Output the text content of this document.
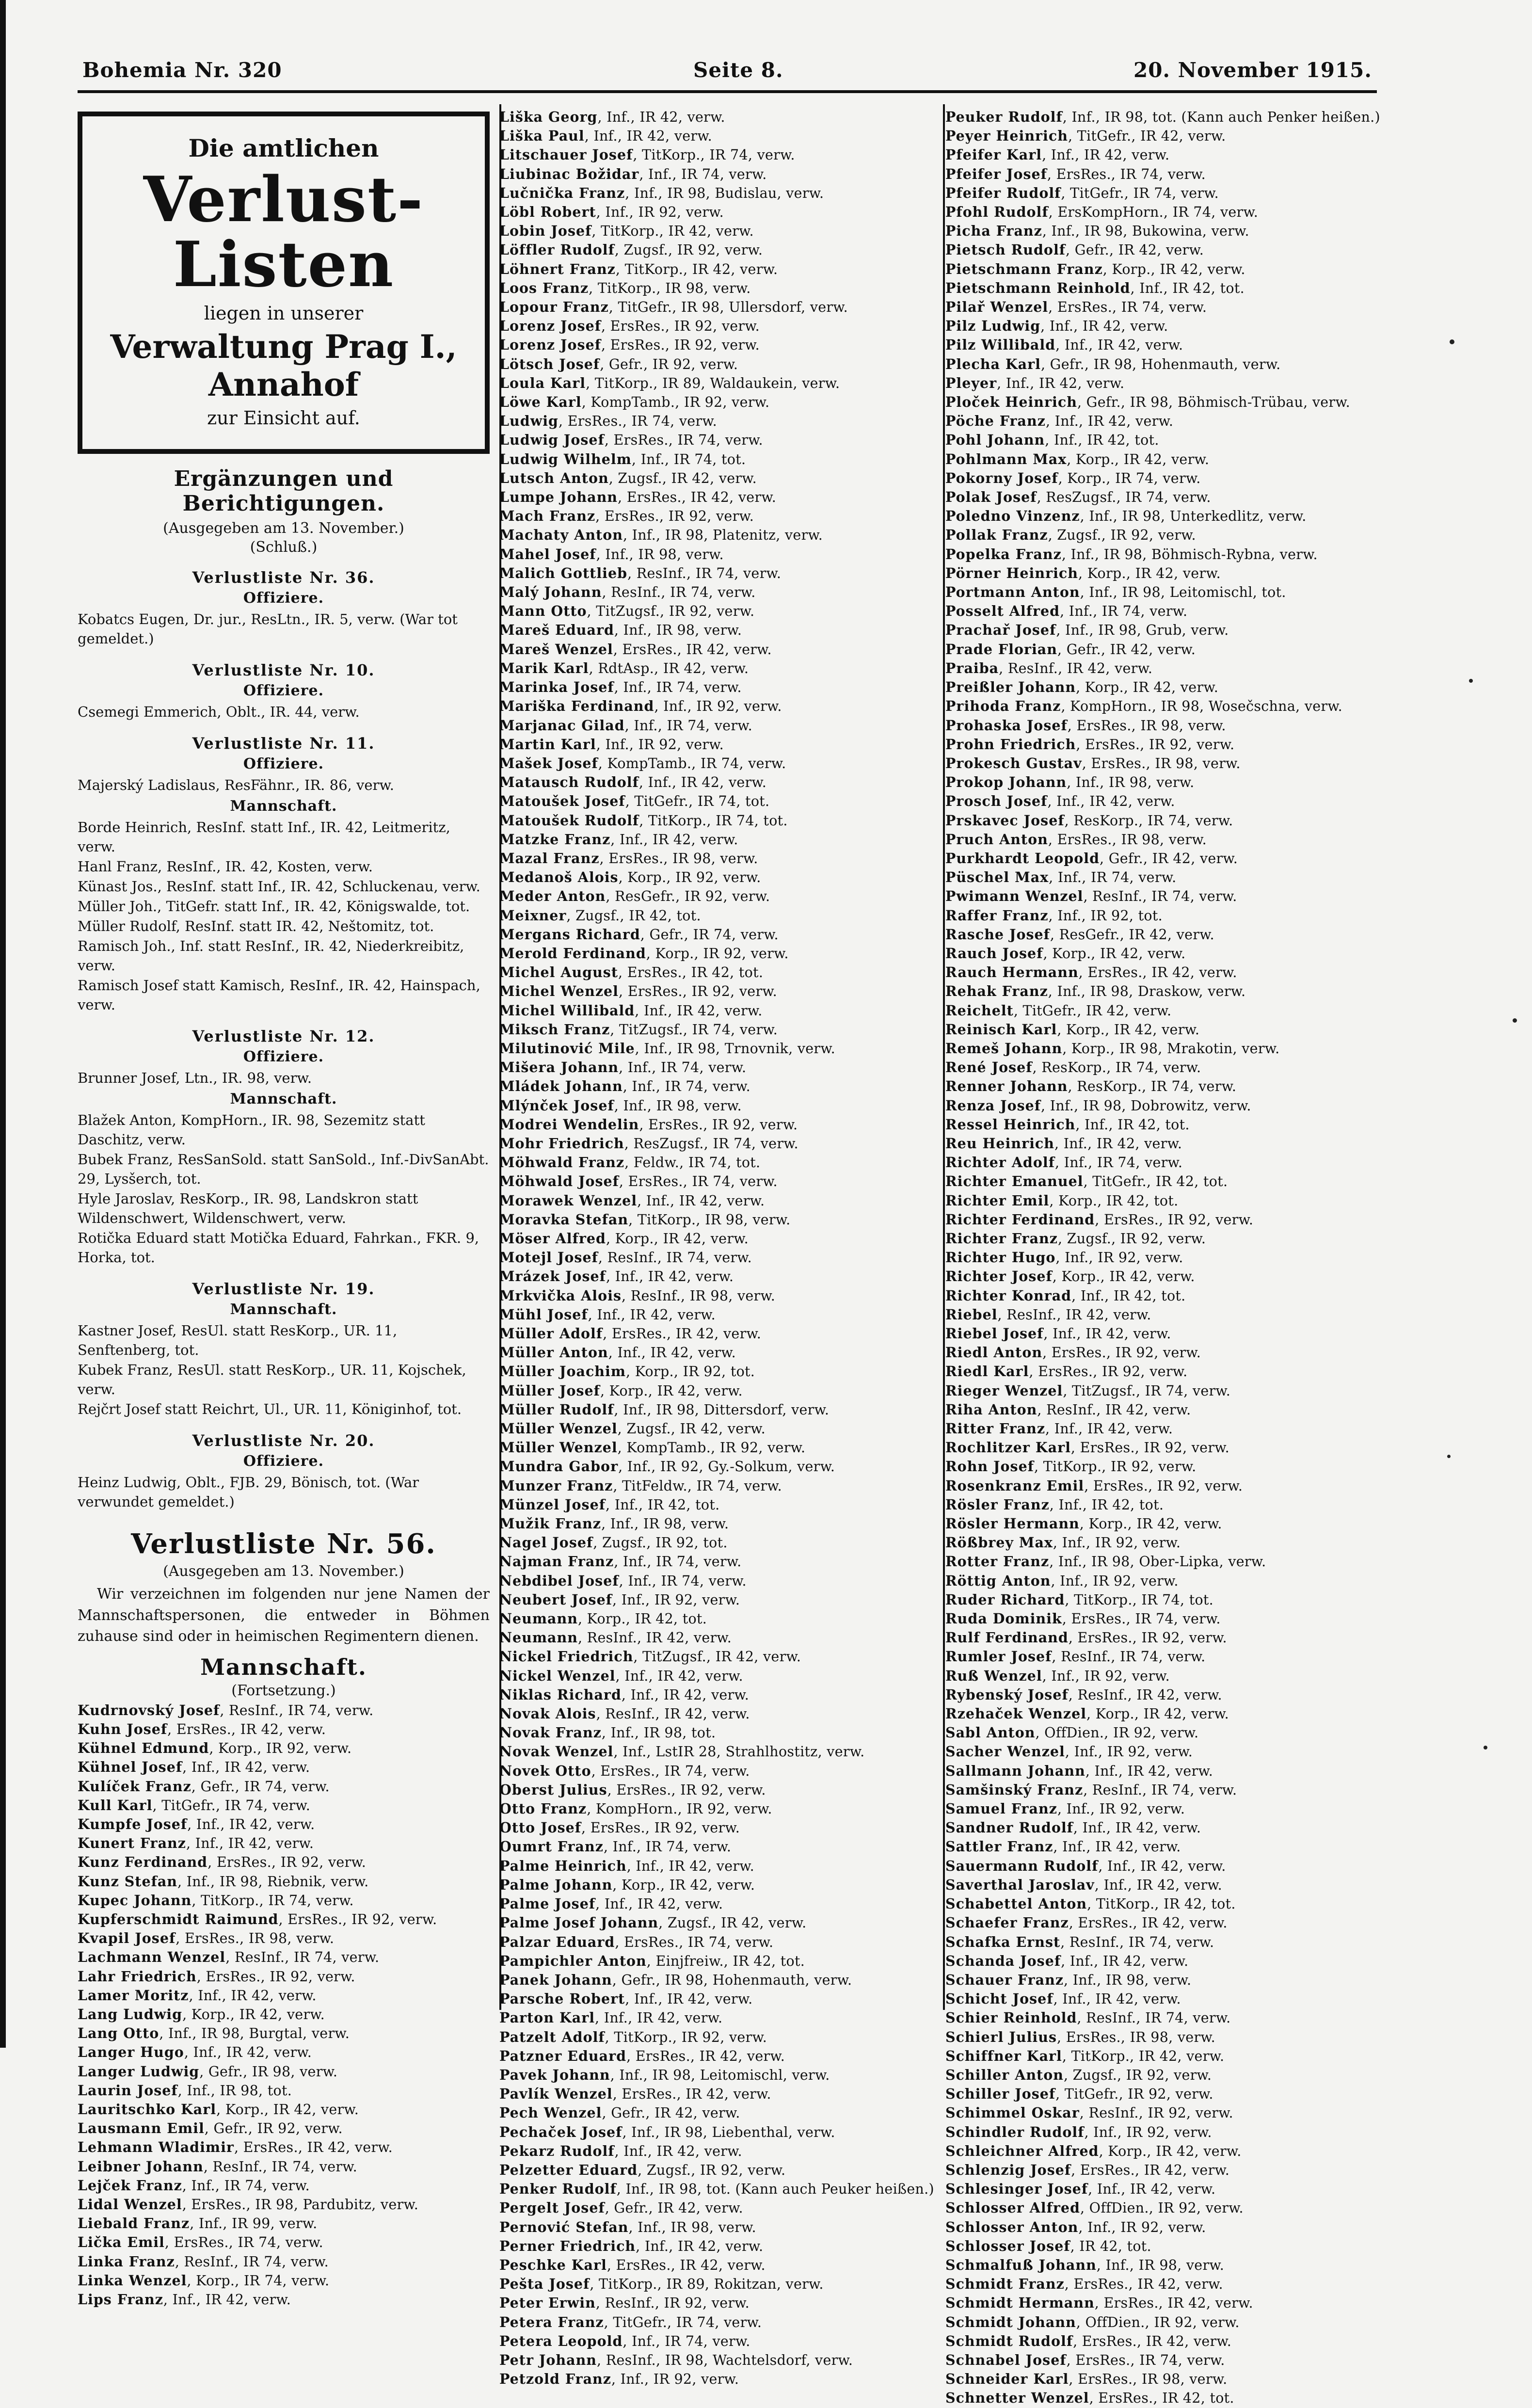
Bohemia Nr. 320	Seite 8.	20. November 1915.
Die amtlichen
Verlust-Listen
liegen in unserer
Verwaltung Prag I., Annahof
zur Einsicht auf.
Ergänzungen und Berichtigungen.
(Ausgegeben am 13. November.)
(Schluß.)
Verlustliste Nr. 36.
Offiziere.
Kobatcs Eugen, Dr. jur., ResLtn., IR. 5, verw. (War tot gemeldet.)
Verlustliste Nr. 10.
Offiziere.
Csemegi Emmerich, Oblt., IR. 44, verw.
Verlustliste Nr. 11.
Offiziere.
Majerský Ladislaus, ResFähnr., IR. 86, verw.
Mannschaft.
Borde Heinrich, ResInf. statt Inf., IR. 42, Leitmeritz, verw.
Hanl Franz, ResInf., IR. 42, Kosten, verw.
Künast Jos., ResInf. statt Inf., IR. 42, Schluckenau, verw.
Müller Joh., TitGefr. statt Inf., IR. 42, Königswalde, tot.
Müller Rudolf, ResInf. statt IR. 42, Neštomitz, tot.
Ramisch Joh., Inf. statt ResInf., IR. 42, Niederkreibitz, verw.
Ramisch Josef statt Kamisch, ResInf., IR. 42, Hainspach, verw.
Verlustliste Nr. 12.
Offiziere.
Brunner Josef, Ltn., IR. 98, verw.
Mannschaft.
Blažek Anton, KompHorn., IR. 98, Sezemitz statt Daschitz, verw.
Bubek Franz, ResSanSold. statt SanSold., Inf.-DivSanAbt. 29, Lysšerch, tot.
Hyle Jaroslav, ResKorp., IR. 98, Landskron statt Wildenschwert, Wildenschwert, verw.
Rotička Eduard statt Motička Eduard, Fahrkan., FKR. 9, Horka, tot.
Verlustliste Nr. 19.
Mannschaft.
Kastner Josef, ResUl. statt ResKorp., UR. 11, Senftenberg, tot.
Kubek Franz, ResUl. statt ResKorp., UR. 11, Kojschek, verw.
Rejčrt Josef statt Reichrt, Ul., UR. 11, Königinhof, tot.
Verlustliste Nr. 20.
Offiziere.
Heinz Ludwig, Oblt., FJB. 29, Bönisch, tot. (War verwundet gemeldet.)
Verlustliste Nr. 56.
(Ausgegeben am 13. November.)
Wir verzeichnen im folgenden nur jene Namen der Mannschaftspersonen, die entweder in Böhmen zuhause sind oder in heimischen Regimentern dienen.
Mannschaft.
(Fortsetzung.)
Kudrnovský Josef, ResInf., IR 74, verw.
Kuhn Josef, ErsRes., IR 42, verw.
Kühnel Edmund, Korp., IR 92, verw.
Kühnel Josef, Inf., IR 42, verw.
Kulíček Franz, Gefr., IR 74, verw.
Kull Karl, TitGefr., IR 74, verw.
Kumpfe Josef, Inf., IR 42, verw.
Kunert Franz, Inf., IR 42, verw.
Kunz Ferdinand, ErsRes., IR 92, verw.
Kunz Stefan, Inf., IR 98, Riebnik, verw.
Kupec Johann, TitKorp., IR 74, verw.
Kupferschmidt Raimund, ErsRes., IR 92, verw.
Kvapil Josef, ErsRes., IR 98, verw.
Lachmann Wenzel, ResInf., IR 74, verw.
Lahr Friedrich, ErsRes., IR 92, verw.
Lamer Moritz, Inf., IR 42, verw.
Lang Ludwig, Korp., IR 42, verw.
Lang Otto, Inf., IR 98, Burgtal, verw.
Langer Hugo, Inf., IR 42, verw.
Langer Ludwig, Gefr., IR 98, verw.
Laurin Josef, Inf., IR 98, tot.
Lauritschko Karl, Korp., IR 42, verw.
Lausmann Emil, Gefr., IR 92, verw.
Lehmann Wladimir, ErsRes., IR 42, verw.
Leibner Johann, ResInf., IR 74, verw.
Lejček Franz, Inf., IR 74, verw.
Lidal Wenzel, ErsRes., IR 98, Pardubitz, verw.
Liebald Franz, Inf., IR 99, verw.
Lička Emil, ErsRes., IR 74, verw.
Linka Franz, ResInf., IR 74, verw.
Linka Wenzel, Korp., IR 74, verw.
Lips Franz, Inf., IR 42, verw.
Liška Georg, Inf., IR 42, verw.
Liška Paul, Inf., IR 42, verw.
Litschauer Josef, TitKorp., IR 74, verw.
Liubinac Božidar, Inf., IR 74, verw.
Lučnička Franz, Inf., IR 98, Budislau, verw.
Löbl Robert, Inf., IR 92, verw.
Lobin Josef, TitKorp., IR 42, verw.
Löffler Rudolf, Zugsf., IR 92, verw.
Löhnert Franz, TitKorp., IR 42, verw.
Loos Franz, TitKorp., IR 98, verw.
Lopour Franz, TitGefr., IR 98, Ullersdorf, verw.
Lorenz Josef, ErsRes., IR 92, verw.
Lorenz Josef, ErsRes., IR 92, verw.
Lötsch Josef, Gefr., IR 92, verw.
Loula Karl, TitKorp., IR 89, Waldaukein, verw.
Löwe Karl, KompTamb., IR 92, verw.
Ludwig, ErsRes., IR 74, verw.
Ludwig Josef, ErsRes., IR 74, verw.
Ludwig Wilhelm, Inf., IR 74, tot.
Lutsch Anton, Zugsf., IR 42, verw.
Lumpe Johann, ErsRes., IR 42, verw.
Mach Franz, ErsRes., IR 92, verw.
Machaty Anton, Inf., IR 98, Platenitz, verw.
Mahel Josef, Inf., IR 98, verw.
Malich Gottlieb, ResInf., IR 74, verw.
Malý Johann, ResInf., IR 74, verw.
Mann Otto, TitZugsf., IR 92, verw.
Mareš Eduard, Inf., IR 98, verw.
Mareš Wenzel, ErsRes., IR 42, verw.
Marik Karl, RdtAsp., IR 42, verw.
Marinka Josef, Inf., IR 74, verw.
Mariška Ferdinand, Inf., IR 92, verw.
Marjanac Gilad, Inf., IR 74, verw.
Martin Karl, Inf., IR 92, verw.
Mašek Josef, KompTamb., IR 74, verw.
Matausch Rudolf, Inf., IR 42, verw.
Matoušek Josef, TitGefr., IR 74, tot.
Matoušek Rudolf, TitKorp., IR 74, tot.
Matzke Franz, Inf., IR 42, verw.
Mazal Franz, ErsRes., IR 98, verw.
Medanoš Alois, Korp., IR 92, verw.
Meder Anton, ResGefr., IR 92, verw.
Meixner, Zugsf., IR 42, tot.
Mergans Richard, Gefr., IR 74, verw.
Merold Ferdinand, Korp., IR 92, verw.
Michel August, ErsRes., IR 42, tot.
Michel Wenzel, ErsRes., IR 92, verw.
Michel Willibald, Inf., IR 42, verw.
Miksch Franz, TitZugsf., IR 74, verw.
Milutinović Mile, Inf., IR 98, Trnovnik, verw.
Mišera Johann, Inf., IR 74, verw.
Mládek Johann, Inf., IR 74, verw.
Mlýnček Josef, Inf., IR 98, verw.
Modrei Wendelin, ErsRes., IR 92, verw.
Mohr Friedrich, ResZugsf., IR 74, verw.
Möhwald Franz, Feldw., IR 74, tot.
Möhwald Josef, ErsRes., IR 74, verw.
Morawek Wenzel, Inf., IR 42, verw.
Moravka Stefan, TitKorp., IR 98, verw.
Möser Alfred, Korp., IR 42, verw.
Motejl Josef, ResInf., IR 74, verw.
Mrázek Josef, Inf., IR 42, verw.
Mrkvička Alois, ResInf., IR 98, verw.
Mühl Josef, Inf., IR 42, verw.
Müller Adolf, ErsRes., IR 42, verw.
Müller Anton, Inf., IR 42, verw.
Müller Joachim, Korp., IR 92, tot.
Müller Josef, Korp., IR 42, verw.
Müller Rudolf, Inf., IR 98, Dittersdorf, verw.
Müller Wenzel, Zugsf., IR 42, verw.
Müller Wenzel, KompTamb., IR 92, verw.
Mundra Gabor, Inf., IR 92, Gy.-Solkum, verw.
Munzer Franz, TitFeldw., IR 74, verw.
Münzel Josef, Inf., IR 42, tot.
Mužik Franz, Inf., IR 98, verw.
Nagel Josef, Zugsf., IR 92, tot.
Najman Franz, Inf., IR 74, verw.
Nebdibel Josef, Inf., IR 74, verw.
Neubert Josef, Inf., IR 92, verw.
Neumann, Korp., IR 42, tot.
Neumann, ResInf., IR 42, verw.
Nickel Friedrich, TitZugsf., IR 42, verw.
Nickel Wenzel, Inf., IR 42, verw.
Niklas Richard, Inf., IR 42, verw.
Novak Alois, ResInf., IR 42, verw.
Novak Franz, Inf., IR 98, tot.
Novak Wenzel, Inf., LstIR 28, Strahlhostitz, verw.
Novek Otto, ErsRes., IR 74, verw.
Oberst Julius, ErsRes., IR 92, verw.
Otto Franz, KompHorn., IR 92, verw.
Otto Josef, ErsRes., IR 92, verw.
Oumrt Franz, Inf., IR 74, verw.
Palme Heinrich, Inf., IR 42, verw.
Palme Johann, Korp., IR 42, verw.
Palme Josef, Inf., IR 42, verw.
Palme Josef Johann, Zugsf., IR 42, verw.
Palzar Eduard, ErsRes., IR 74, verw.
Pampichler Anton, Einjfreiw., IR 42, tot.
Panek Johann, Gefr., IR 98, Hohenmauth, verw.
Parsche Robert, Inf., IR 42, verw.
Parton Karl, Inf., IR 42, verw.
Patzelt Adolf, TitKorp., IR 92, verw.
Patzner Eduard, ErsRes., IR 42, verw.
Pavek Johann, Inf., IR 98, Leitomischl, verw.
Pavlík Wenzel, ErsRes., IR 42, verw.
Pech Wenzel, Gefr., IR 42, verw.
Pechaček Josef, Inf., IR 98, Liebenthal, verw.
Pekarz Rudolf, Inf., IR 42, verw.
Pelzetter Eduard, Zugsf., IR 92, verw.
Penker Rudolf, Inf., IR 98, tot. (Kann auch Peuker heißen.)
Pergelt Josef, Gefr., IR 42, verw.
Pernović Stefan, Inf., IR 98, verw.
Perner Friedrich, Inf., IR 42, verw.
Peschke Karl, ErsRes., IR 42, verw.
Pešta Josef, TitKorp., IR 89, Rokitzan, verw.
Peter Erwin, ResInf., IR 92, verw.
Petera Franz, TitGefr., IR 74, verw.
Petera Leopold, Inf., IR 74, verw.
Petr Johann, ResInf., IR 98, Wachtelsdorf, verw.
Petzold Franz, Inf., IR 92, verw.
Peuker Rudolf, Inf., IR 98, tot. (Kann auch Penker heißen.)
Peyer Heinrich, TitGefr., IR 42, verw.
Pfeifer Karl, Inf., IR 42, verw.
Pfeifer Josef, ErsRes., IR 74, verw.
Pfeifer Rudolf, TitGefr., IR 74, verw.
Pfohl Rudolf, ErsKompHorn., IR 74, verw.
Picha Franz, Inf., IR 98, Bukowina, verw.
Pietsch Rudolf, Gefr., IR 42, verw.
Pietschmann Franz, Korp., IR 42, verw.
Pietschmann Reinhold, Inf., IR 42, tot.
Pilař Wenzel, ErsRes., IR 74, verw.
Pilz Ludwig, Inf., IR 42, verw.
Pilz Willibald, Inf., IR 42, verw.
Plecha Karl, Gefr., IR 98, Hohenmauth, verw.
Pleyer, Inf., IR 42, verw.
Ploček Heinrich, Gefr., IR 98, Böhmisch-Trübau, verw.
Pöche Franz, Inf., IR 42, verw.
Pohl Johann, Inf., IR 42, tot.
Pohlmann Max, Korp., IR 42, verw.
Pokorny Josef, Korp., IR 74, verw.
Polak Josef, ResZugsf., IR 74, verw.
Poledno Vinzenz, Inf., IR 98, Unterkedlitz, verw.
Pollak Franz, Zugsf., IR 92, verw.
Popelka Franz, Inf., IR 98, Böhmisch-Rybna, verw.
Pörner Heinrich, Korp., IR 42, verw.
Portmann Anton, Inf., IR 98, Leitomischl, tot.
Posselt Alfred, Inf., IR 74, verw.
Prachař Josef, Inf., IR 98, Grub, verw.
Prade Florian, Gefr., IR 42, verw.
Praiba, ResInf., IR 42, verw.
Preißler Johann, Korp., IR 42, verw.
Prihoda Franz, KompHorn., IR 98, Wosečschna, verw.
Prohaska Josef, ErsRes., IR 98, verw.
Prohn Friedrich, ErsRes., IR 92, verw.
Prokesch Gustav, ErsRes., IR 98, verw.
Prokop Johann, Inf., IR 98, verw.
Prosch Josef, Inf., IR 42, verw.
Prskavec Josef, ResKorp., IR 74, verw.
Pruch Anton, ErsRes., IR 98, verw.
Purkhardt Leopold, Gefr., IR 42, verw.
Püschel Max, Inf., IR 74, verw.
Pwimann Wenzel, ResInf., IR 74, verw.
Raffer Franz, Inf., IR 92, tot.
Rasche Josef, ResGefr., IR 42, verw.
Rauch Josef, Korp., IR 42, verw.
Rauch Hermann, ErsRes., IR 42, verw.
Rehak Franz, Inf., IR 98, Draskow, verw.
Reichelt, TitGefr., IR 42, verw.
Reinisch Karl, Korp., IR 42, verw.
Remeš Johann, Korp., IR 98, Mrakotin, verw.
René Josef, ResKorp., IR 74, verw.
Renner Johann, ResKorp., IR 74, verw.
Renza Josef, Inf., IR 98, Dobrowitz, verw.
Ressel Heinrich, Inf., IR 42, tot.
Reu Heinrich, Inf., IR 42, verw.
Richter Adolf, Inf., IR 74, verw.
Richter Emanuel, TitGefr., IR 42, tot.
Richter Emil, Korp., IR 42, tot.
Richter Ferdinand, ErsRes., IR 92, verw.
Richter Franz, Zugsf., IR 92, verw.
Richter Hugo, Inf., IR 92, verw.
Richter Josef, Korp., IR 42, verw.
Richter Konrad, Inf., IR 42, tot.
Riebel, ResInf., IR 42, verw.
Riebel Josef, Inf., IR 42, verw.
Riedl Anton, ErsRes., IR 92, verw.
Riedl Karl, ErsRes., IR 92, verw.
Rieger Wenzel, TitZugsf., IR 74, verw.
Riha Anton, ResInf., IR 42, verw.
Ritter Franz, Inf., IR 42, verw.
Rochlitzer Karl, ErsRes., IR 92, verw.
Rohn Josef, TitKorp., IR 92, verw.
Rosenkranz Emil, ErsRes., IR 92, verw.
Rösler Franz, Inf., IR 42, tot.
Rösler Hermann, Korp., IR 42, verw.
Rößbrey Max, Inf., IR 92, verw.
Rotter Franz, Inf., IR 98, Ober-Lipka, verw.
Röttig Anton, Inf., IR 92, verw.
Ruder Richard, TitKorp., IR 74, tot.
Ruda Dominik, ErsRes., IR 74, verw.
Rulf Ferdinand, ErsRes., IR 92, verw.
Rumler Josef, ResInf., IR 74, verw.
Ruß Wenzel, Inf., IR 92, verw.
Rybenský Josef, ResInf., IR 42, verw.
Rzehaček Wenzel, Korp., IR 42, verw.
Sabl Anton, OffDien., IR 92, verw.
Sacher Wenzel, Inf., IR 92, verw.
Sallmann Johann, Inf., IR 42, verw.
Samšinský Franz, ResInf., IR 74, verw.
Samuel Franz, Inf., IR 92, verw.
Sandner Rudolf, Inf., IR 42, verw.
Sattler Franz, Inf., IR 42, verw.
Sauermann Rudolf, Inf., IR 42, verw.
Saverthal Jaroslav, Inf., IR 42, verw.
Schabettel Anton, TitKorp., IR 42, tot.
Schaefer Franz, ErsRes., IR 42, verw.
Schafka Ernst, ResInf., IR 74, verw.
Schanda Josef, Inf., IR 42, verw.
Schauer Franz, Inf., IR 98, verw.
Schicht Josef, Inf., IR 42, verw.
Schier Reinhold, ResInf., IR 74, verw.
Schierl Julius, ErsRes., IR 98, verw.
Schiffner Karl, TitKorp., IR 42, verw.
Schiller Anton, Zugsf., IR 92, verw.
Schiller Josef, TitGefr., IR 92, verw.
Schimmel Oskar, ResInf., IR 92, verw.
Schindler Rudolf, Inf., IR 92, verw.
Schleichner Alfred, Korp., IR 42, verw.
Schlenzig Josef, ErsRes., IR 42, verw.
Schlesinger Josef, Inf., IR 42, verw.
Schlosser Alfred, OffDien., IR 92, verw.
Schlosser Anton, Inf., IR 92, verw.
Schlosser Josef, IR 42, tot.
Schmalfuß Johann, Inf., IR 98, verw.
Schmidt Franz, ErsRes., IR 42, verw.
Schmidt Hermann, ErsRes., IR 42, verw.
Schmidt Johann, OffDien., IR 92, verw.
Schmidt Rudolf, ErsRes., IR 42, verw.
Schnabel Josef, ErsRes., IR 74, verw.
Schneider Karl, ErsRes., IR 98, verw.
Schnetter Wenzel, ErsRes., IR 42, tot.
